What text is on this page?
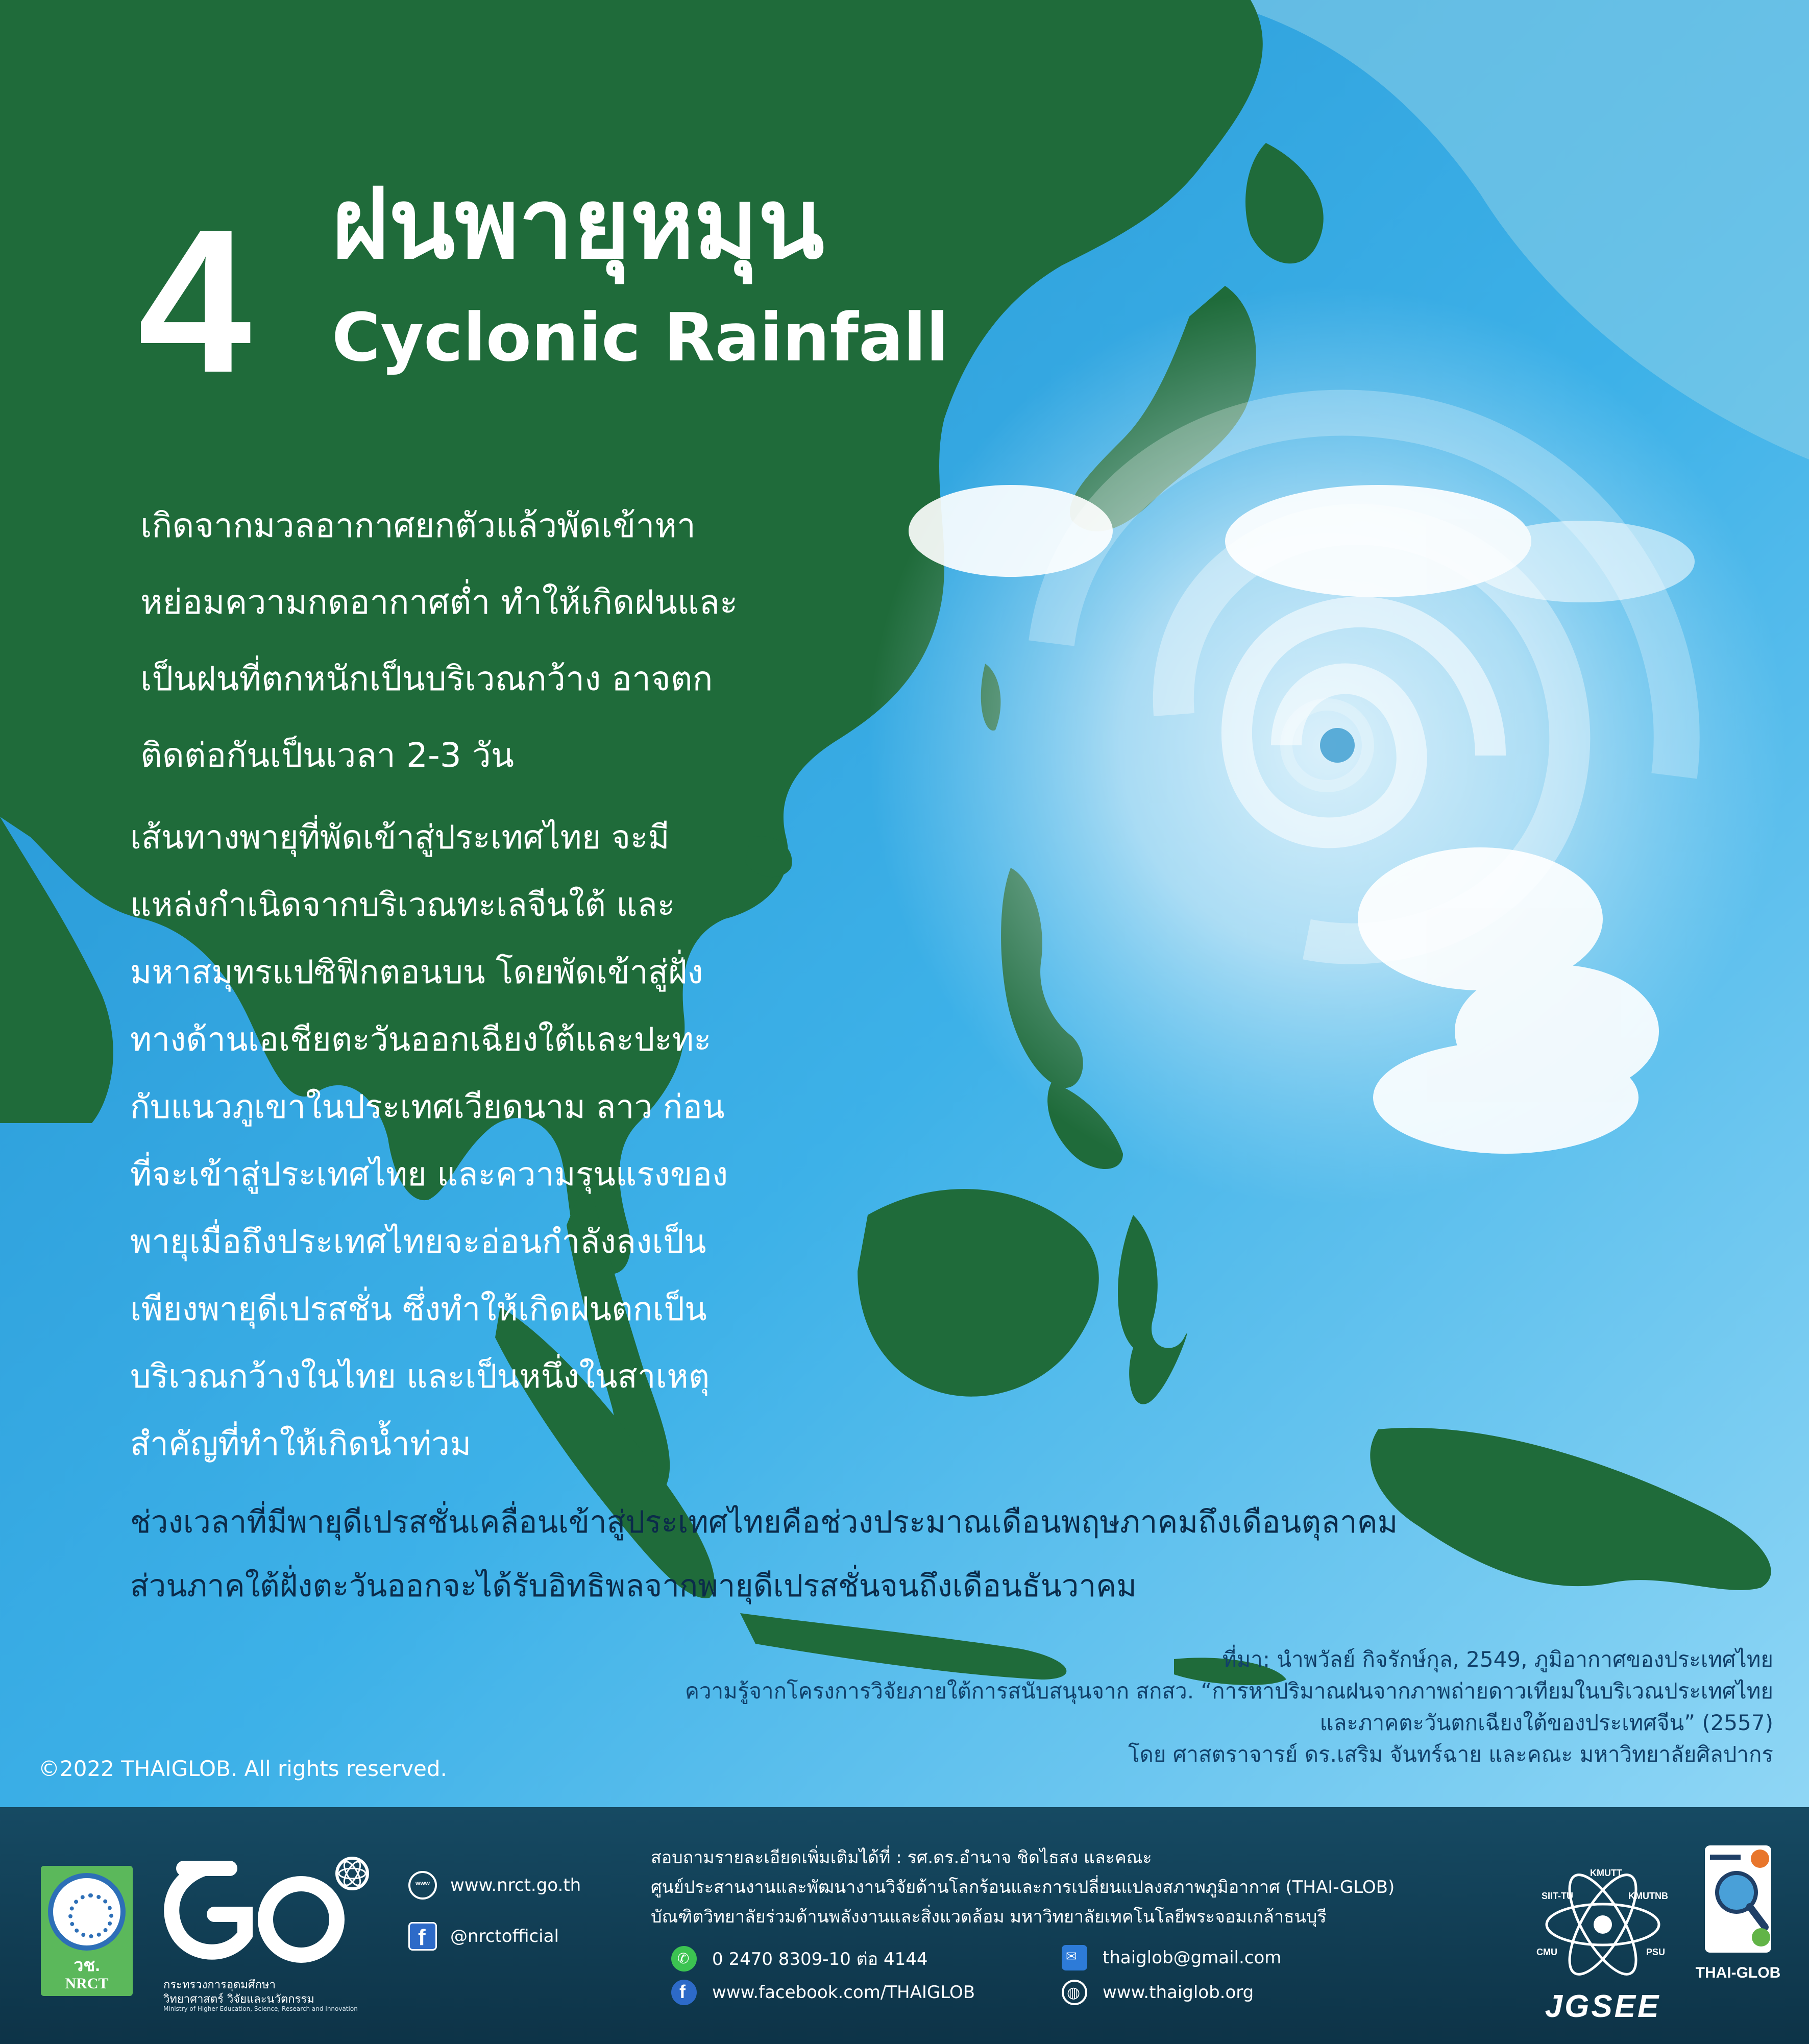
4 ฝนพายุหมุน
Cyclonic Rainfall
เกิดจากมวลอากาศยกตัวแล้วพัดเข้าหา
หย่อมความกดอากาศต่ำ ทำให้เกิดฝนและ
เป็นฝนที่ตกหนักเป็นบริเวณกว้าง อาจตก
ติดต่อกันเป็นเวลา 2-3 วัน
เส้นทางพายุที่พัดเข้าสู่ประเทศไทย จะมี
แหล่งกำเนิดจากบริเวณทะเลจีนใต้ และ
มหาสมุทรแปซิฟิกตอนบน โดยพัดเข้าสู่ฝั่ง
ทางด้านเอเชียตะวันออกเฉียงใต้และปะทะ
กับแนวภูเขาในประเทศเวียดนาม ลาว ก่อน
ที่จะเข้าสู่ประเทศไทย และความรุนแรงของ
พายุเมื่อถึงประเทศไทยจะอ่อนกำลังลงเป็น
เพียงพายุดีเปรสชั่น ซึ่งทำให้เกิดฝนตกเป็น
บริเวณกว้างในไทย และเป็นหนึ่งในสาเหตุ
สำคัญที่ทำให้เกิดน้ำท่วม
ช่วงเวลาที่มีพายุดีเปรสชั่นเคลื่อนเข้าสู่ประเทศไทยคือช่วงประมาณเดือนพฤษภาคมถึงเดือนตุลาคม
ส่วนภาคใต้ฝั่งตะวันออกจะได้รับอิทธิพลจากพายุดีเปรสชั่นจนถึงเดือนธันวาคม
ที่มา: นำพวัลย์ กิจรักษ์กุล, 2549, ภูมิอากาศของประเทศไทย
ความรู้จากโครงการวิจัยภายใต้การสนับสนุนจาก สกสว. “การหาปริมาณฝนจากภาพถ่ายดาวเทียมในบริเวณประเทศไทย
และภาคตะวันตกเฉียงใต้ของประเทศจีน” (2557)
โดย ศาสตราจารย์ ดร.เสริม จันทร์ฉาย และคณะ มหาวิทยาลัยศิลปากร
©2022 THAIGLOB. All rights reserved.
วช.
NRCT	กระทรวงการอุดมศึกษา
วิทยาศาสตร์ วิจัยและนวัตกรรม
Ministry of Higher Education, Science, Research and Innovation
www www.nrct.go.th
f @nrctofficial
สอบถามรายละเอียดเพิ่มเติมได้ที่ : รศ.ดร.อำนาจ ชิดไธสง และคณะ
ศูนย์ประสานงานและพัฒนางานวิจัยด้านโลกร้อนและการเปลี่ยนแปลงสภาพภูมิอากาศ (THAI-GLOB)
บัณฑิตวิทยาลัยร่วมด้านพลังงานและสิ่งแวดล้อม มหาวิทยาลัยเทคโนโลยีพระจอมเกล้าธนบุรี
✆ 0 2470 8309-10 ต่อ 4144
f www.facebook.com/THAIGLOB
✉ thaiglob@gmail.com
◍ www.thaiglob.org
KMUTT
SIIT-TU	KMUTNB
CMU	PSU
JGSEE
THAI-GLOB
